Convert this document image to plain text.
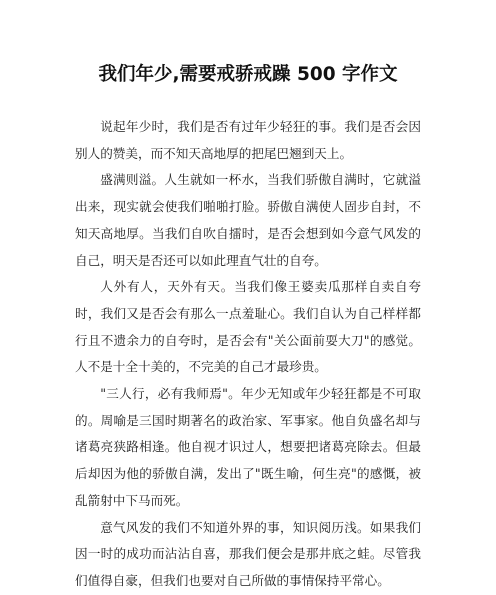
我们年少,需要戒骄戒躁 500 字作文

说起年少时，我们是否有过年少轻狂的事。我们是否会因别人的赞美，而不知天高地厚的把尾巴翘到天上。

盛满则溢。人生就如一杯水，当我们骄傲自满时，它就溢出来，现实就会使我们啪啪打脸。骄傲自满使人固步自封，不知天高地厚。当我们自吹自擂时，是否会想到如今意气风发的自己，明天是否还可以如此理直气壮的自夸。

人外有人，天外有天。当我们像王婆卖瓜那样自卖自夸时，我们又是否会有那么一点羞耻心。我们自认为自己样样都行且不遗余力的自夸时，是否会有"关公面前耍大刀"的感觉。人不是十全十美的，不完美的自己才最珍贵。

"三人行，必有我师焉"。年少无知或年少轻狂都是不可取的。周喻是三国时期著名的政治家、军事家。他自负盛名却与诸葛亮狭路相逢。他自视才识过人，想要把诸葛亮除去。但最后却因为他的骄傲自满，发出了"既生喻，何生亮"的感慨，被乱箭射中下马而死。

意气风发的我们不知道外界的事，知识阅历浅。如果我们因一时的成功而沾沾自喜，那我们便会是那井底之蛙。尽管我们值得自豪，但我们也要对自己所做的事情保持平常心。
